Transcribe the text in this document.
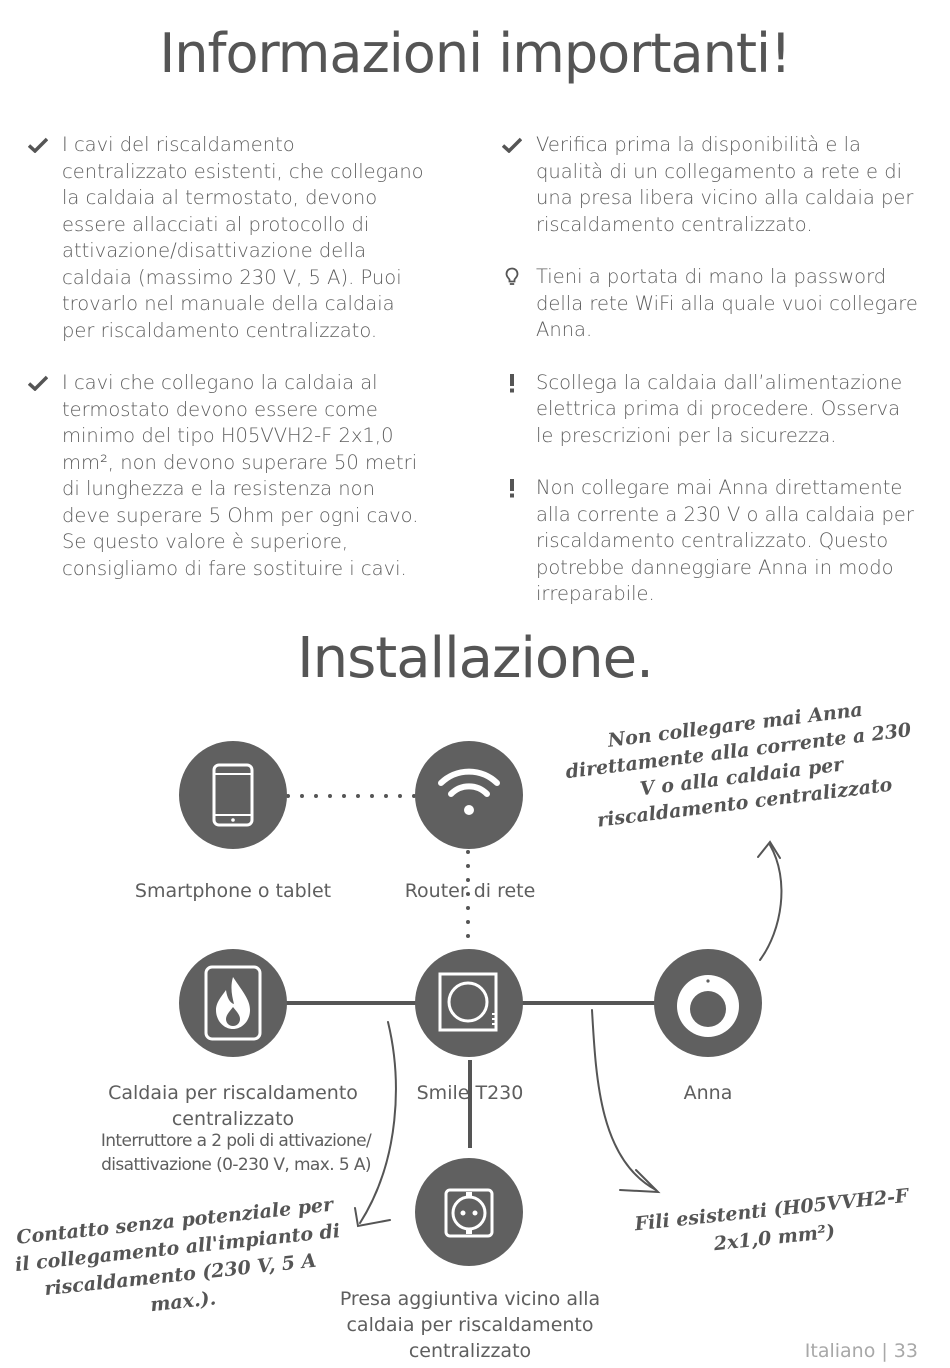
Informazioni importanti!
I cavi del riscaldamento centralizzato esistenti, che collegano la caldaia al termostato, devono essere allacciati al protocollo di attivazione/disattivazione della caldaia (massimo 230 V, 5 A). Puoi trovarlo nel manuale della caldaia per riscaldamento centralizzato.
I cavi che collegano la caldaia al termostato devono essere come minimo del tipo H05VVH2-F 2x1,0 mm², non devono superare 50 metri di lunghezza e la resistenza non deve superare 5 Ohm per ogni cavo. Se questo valore è superiore, consigliamo di fare sostituire i cavi.
Verifica prima la disponibilità e la qualità di un collegamento a rete e di una presa libera vicino alla caldaia per riscaldamento centralizzato.
Tieni a portata di mano la password della rete WiFi alla quale vuoi collegare Anna.
Scollega la caldaia dall’alimentazione elettrica prima di procedere. Osserva le prescrizioni per la sicurezza.
Non collegare mai Anna direttamente alla corrente a 230 V o alla caldaia per riscaldamento centralizzato. Questo potrebbe danneggiare Anna in modo irreparabile.
Installazione.
Smartphone o tablet	Router di rete
Caldaia per riscaldamento centralizzato
Interruttore a 2 poli di attivazione/ disattivazione (0-230 V, max. 5 A)
Smile T230	Anna
Presa aggiuntiva vicino alla caldaia per riscaldamento centralizzato
Non collegare mai Anna direttamente alla corrente a 230 V o alla caldaia per riscaldamento centralizzato
Contatto senza potenziale per il collegamento all'impianto di riscaldamento (230 V, 5 A max.).
Fili esistenti (H05VVH2-F 2x1,0 mm²)
Italiano | 33
